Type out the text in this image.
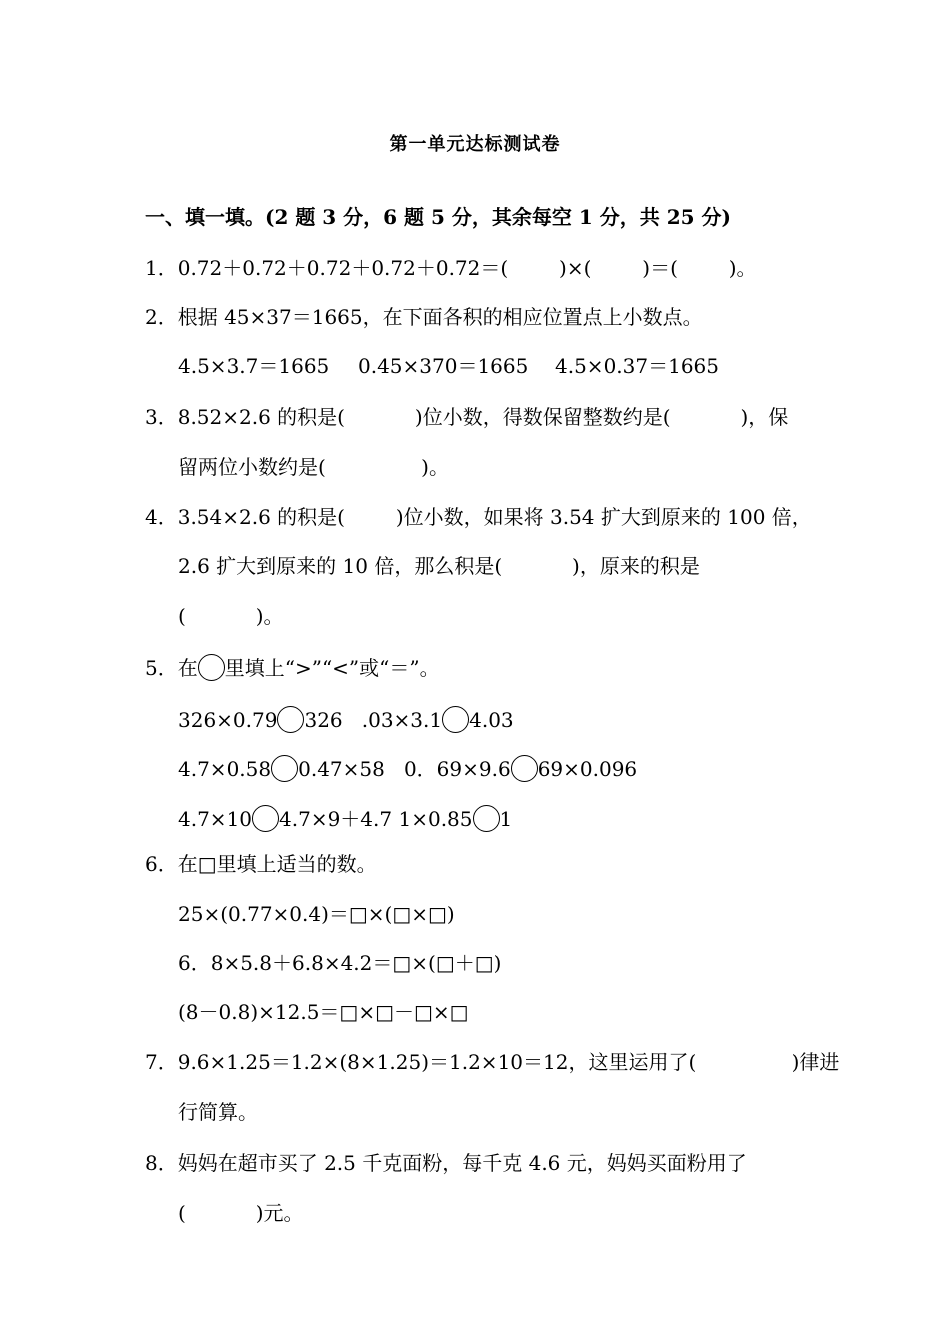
第一单元达标测试卷
一、填一填。(2 题 3 分，6 题 5 分，其余每空 1 分，共 25 分)
1．0.72＋0.72＋0.72＋0.72＋0.72＝(        )×(        )＝(        )。
2．根据 45×37＝1665，在下面各积的相应位置点上小数点。
4.5×3.7＝1665 0.45×370＝1665 4.5×0.37＝1665
3．8.52×2.6 的积是(           )位小数，得数保留整数约是(           )，保
留两位小数约是(               )。
4．3.54×2.6 的积是(        )位小数，如果将 3.54 扩大到原来的 100 倍，
2.6 扩大到原来的 10 倍，那么积是(           )，原来的积是
(           )。
5．在 里填上“>”“<”或“＝”。
326×0.79 326 .03×3.1 4.03
4.7×0.58 0.47×58 0．69×9.6 69×0.096
4.7×10 4.7×9＋4.7 1×0.85 1
6．在□里填上适当的数。
25×(0.77×0.4)＝□×(□×□)
6．8×5.8＋6.8×4.2＝□×(□＋□)
(8－0.8)×12.5＝□×□－□×□
7．9.6×1.25＝1.2×(8×1.25)＝1.2×10＝12，这里运用了(               )律进
行简算。
8．妈妈在超市买了 2.5 千克面粉，每千克 4.6 元，妈妈买面粉用了
(           )元。
